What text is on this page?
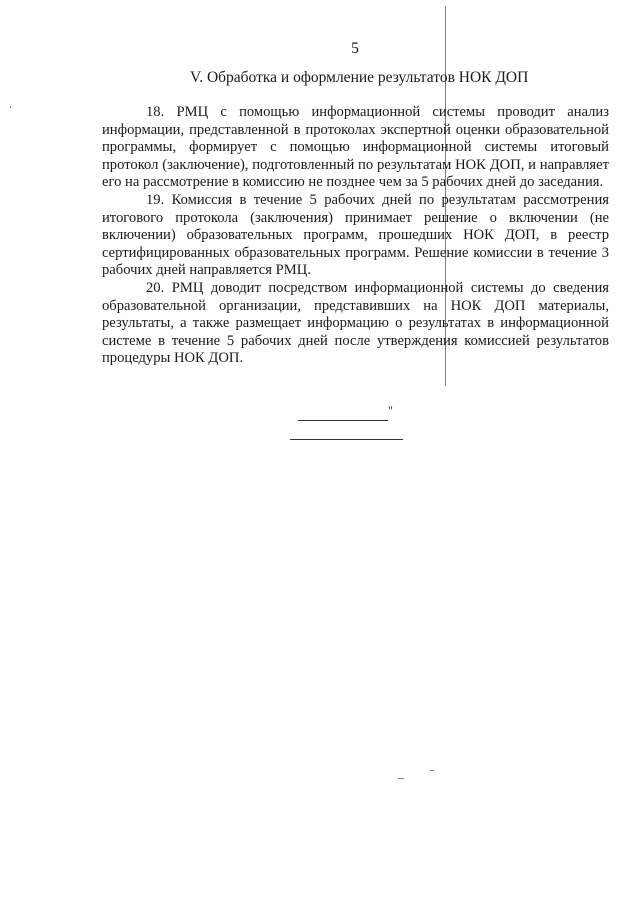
5
V. Обработка и оформление результатов НОК ДОП

18. РМЦ с помощью информационной системы проводит анализ информации, представленной в протоколах экспертной оценки образовательной программы, формирует с помощью информационной системы итоговый протокол (заключение), подготовленный по результатам НОК ДОП, и направляет его на рассмотрение в комиссию не позднее чем за 5 рабочих дней до заседания.

19. Комиссия в течение 5 рабочих дней по результатам рассмотрения итогового протокола (заключения) принимает решение о включении (не включении) образовательных программ, прошедших НОК ДОП, в реестр сертифицированных образовательных программ. Решение комиссии в течение 3 рабочих дней направляется РМЦ.

20. РМЦ доводит посредством информационной системы до сведения образовательной организации, представивших на НОК ДОП материалы, результаты, а также размещает информацию о результатах в информационной системе в течение 5 рабочих дней после утверждения комиссией результатов процедуры НОК ДОП.

"
